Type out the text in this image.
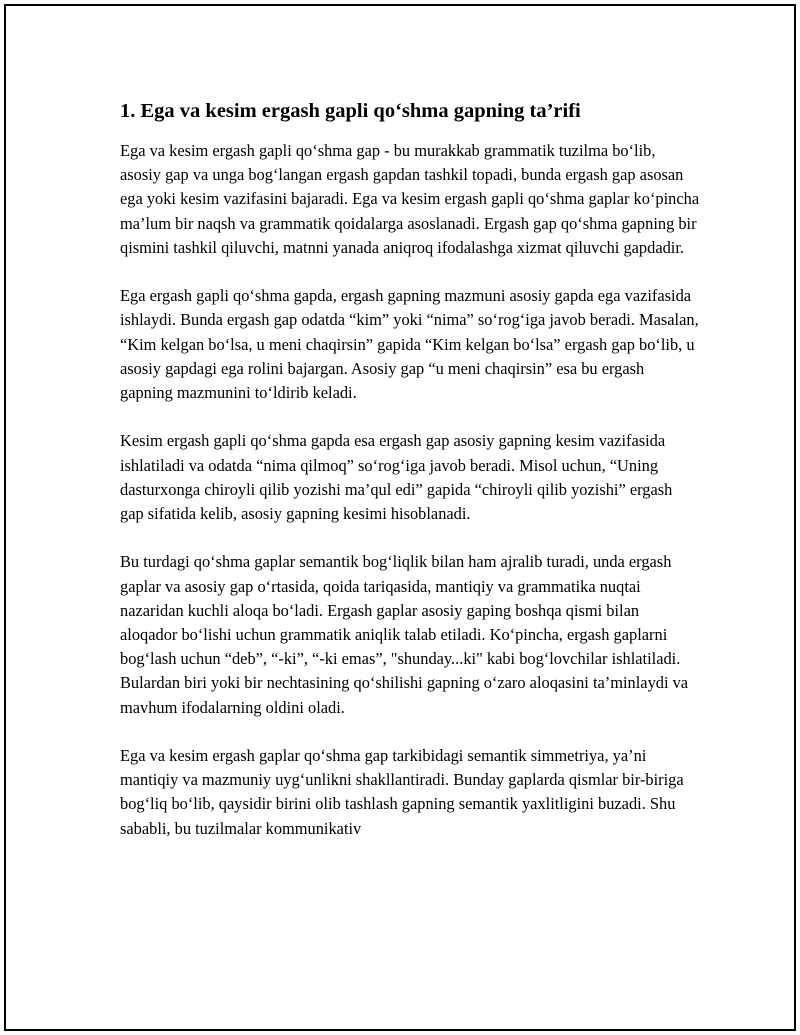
1. Ega va kesim ergash gapli qo‘shma gapning ta’rifi

Ega va kesim ergash gapli qo‘shma gap - bu murakkab grammatik tuzilma bo‘lib, asosiy gap va unga bog‘langan ergash gapdan tashkil topadi, bunda ergash gap asosan ega yoki kesim vazifasini bajaradi. Ega va kesim ergash gapli qo‘shma gaplar ko‘pincha ma’lum bir naqsh va grammatik qoidalarga asoslanadi. Ergash gap qo‘shma gapning bir qismini tashkil qiluvchi, matnni yanada aniqroq ifodalashga xizmat qiluvchi gapdadir.

Ega ergash gapli qo‘shma gapda, ergash gapning mazmuni asosiy gapda ega vazifasida ishlaydi. Bunda ergash gap odatda “kim” yoki “nima” so‘rog‘iga javob beradi. Masalan, “Kim kelgan bo‘lsa, u meni chaqirsin” gapida “Kim kelgan bo‘lsa” ergash gap bo‘lib, u asosiy gapdagi ega rolini bajargan. Asosiy gap “u meni chaqirsin” esa bu ergash gapning mazmunini to‘ldirib keladi.

Kesim ergash gapli qo‘shma gapda esa ergash gap asosiy gapning kesim vazifasida ishlatiladi va odatda “nima qilmoq” so‘rog‘iga javob beradi. Misol uchun, “Uning dasturxonga chiroyli qilib yozishi ma’qul edi” gapida “chiroyli qilib yozishi” ergash gap sifatida kelib, asosiy gapning kesimi hisoblanadi.

Bu turdagi qo‘shma gaplar semantik bog‘liqlik bilan ham ajralib turadi, unda ergash gaplar va asosiy gap o‘rtasida, qoida tariqasida, mantiqiy va grammatika nuqtai nazaridan kuchli aloqa bo‘ladi. Ergash gaplar asosiy gaping boshqa qismi bilan aloqador bo‘lishi uchun grammatik aniqlik talab etiladi. Ko‘pincha, ergash gaplarni bog‘lash uchun “deb”, “-ki”, “-ki emas”, "shunday...ki" kabi bog‘lovchilar ishlatiladi. Bulardan biri yoki bir nechtasining qo‘shilishi gapning o‘zaro aloqasini ta’minlaydi va mavhum ifodalarning oldini oladi.

Ega va kesim ergash gaplar qo‘shma gap tarkibidagi semantik simmetriya, ya’ni mantiqiy va mazmuniy uyg‘unlikni shakllantiradi. Bunday gaplarda qismlar bir-biriga bog‘liq bo‘lib, qaysidir birini olib tashlash gapning semantik yaxlitligini buzadi. Shu sababli, bu tuzilmalar kommunikativ
